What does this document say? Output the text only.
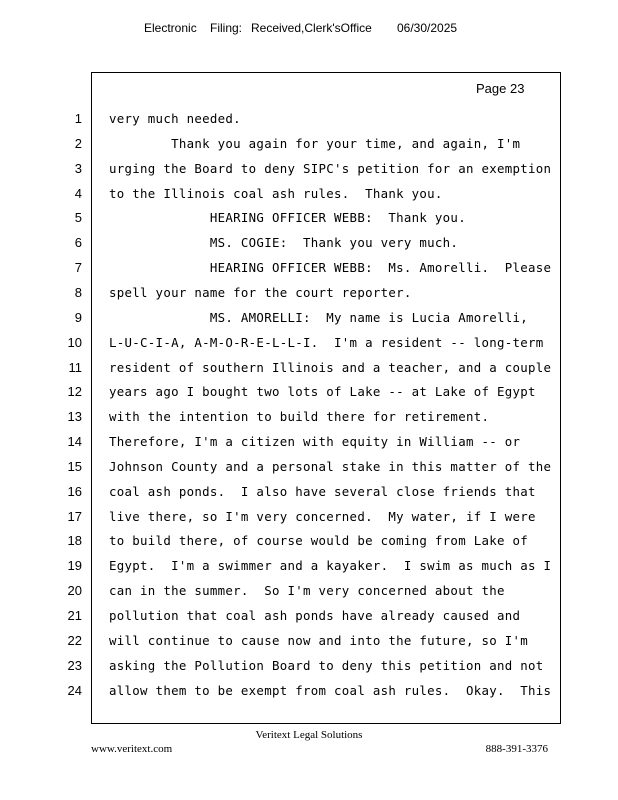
Electronic Filing: Received,Clerk'sOffice 06/30/2025
Page 23
1 very much needed.
2 Thank you again for your time, and again, I'm
3 urging the Board to deny SIPC's petition for an exemption
4 to the Illinois coal ash rules.  Thank you.
5 HEARING OFFICER WEBB:  Thank you.
6 MS. COGIE:  Thank you very much.
7 HEARING OFFICER WEBB:  Ms. Amorelli.  Please
8 spell your name for the court reporter.
9 MS. AMORELLI:  My name is Lucia Amorelli,
10 L-U-C-I-A, A-M-O-R-E-L-L-I.  I'm a resident -- long-term
11 resident of southern Illinois and a teacher, and a couple
12 years ago I bought two lots of Lake -- at Lake of Egypt
13 with the intention to build there for retirement.
14 Therefore, I'm a citizen with equity in William -- or
15 Johnson County and a personal stake in this matter of the
16 coal ash ponds.  I also have several close friends that
17 live there, so I'm very concerned.  My water, if I were
18 to build there, of course would be coming from Lake of
19 Egypt.  I'm a swimmer and a kayaker.  I swim as much as I
20 can in the summer.  So I'm very concerned about the
21 pollution that coal ash ponds have already caused and
22 will continue to cause now and into the future, so I'm
23 asking the Pollution Board to deny this petition and not
24 allow them to be exempt from coal ash rules.  Okay.  This
Veritext Legal Solutions
www.veritext.com	888-391-3376
